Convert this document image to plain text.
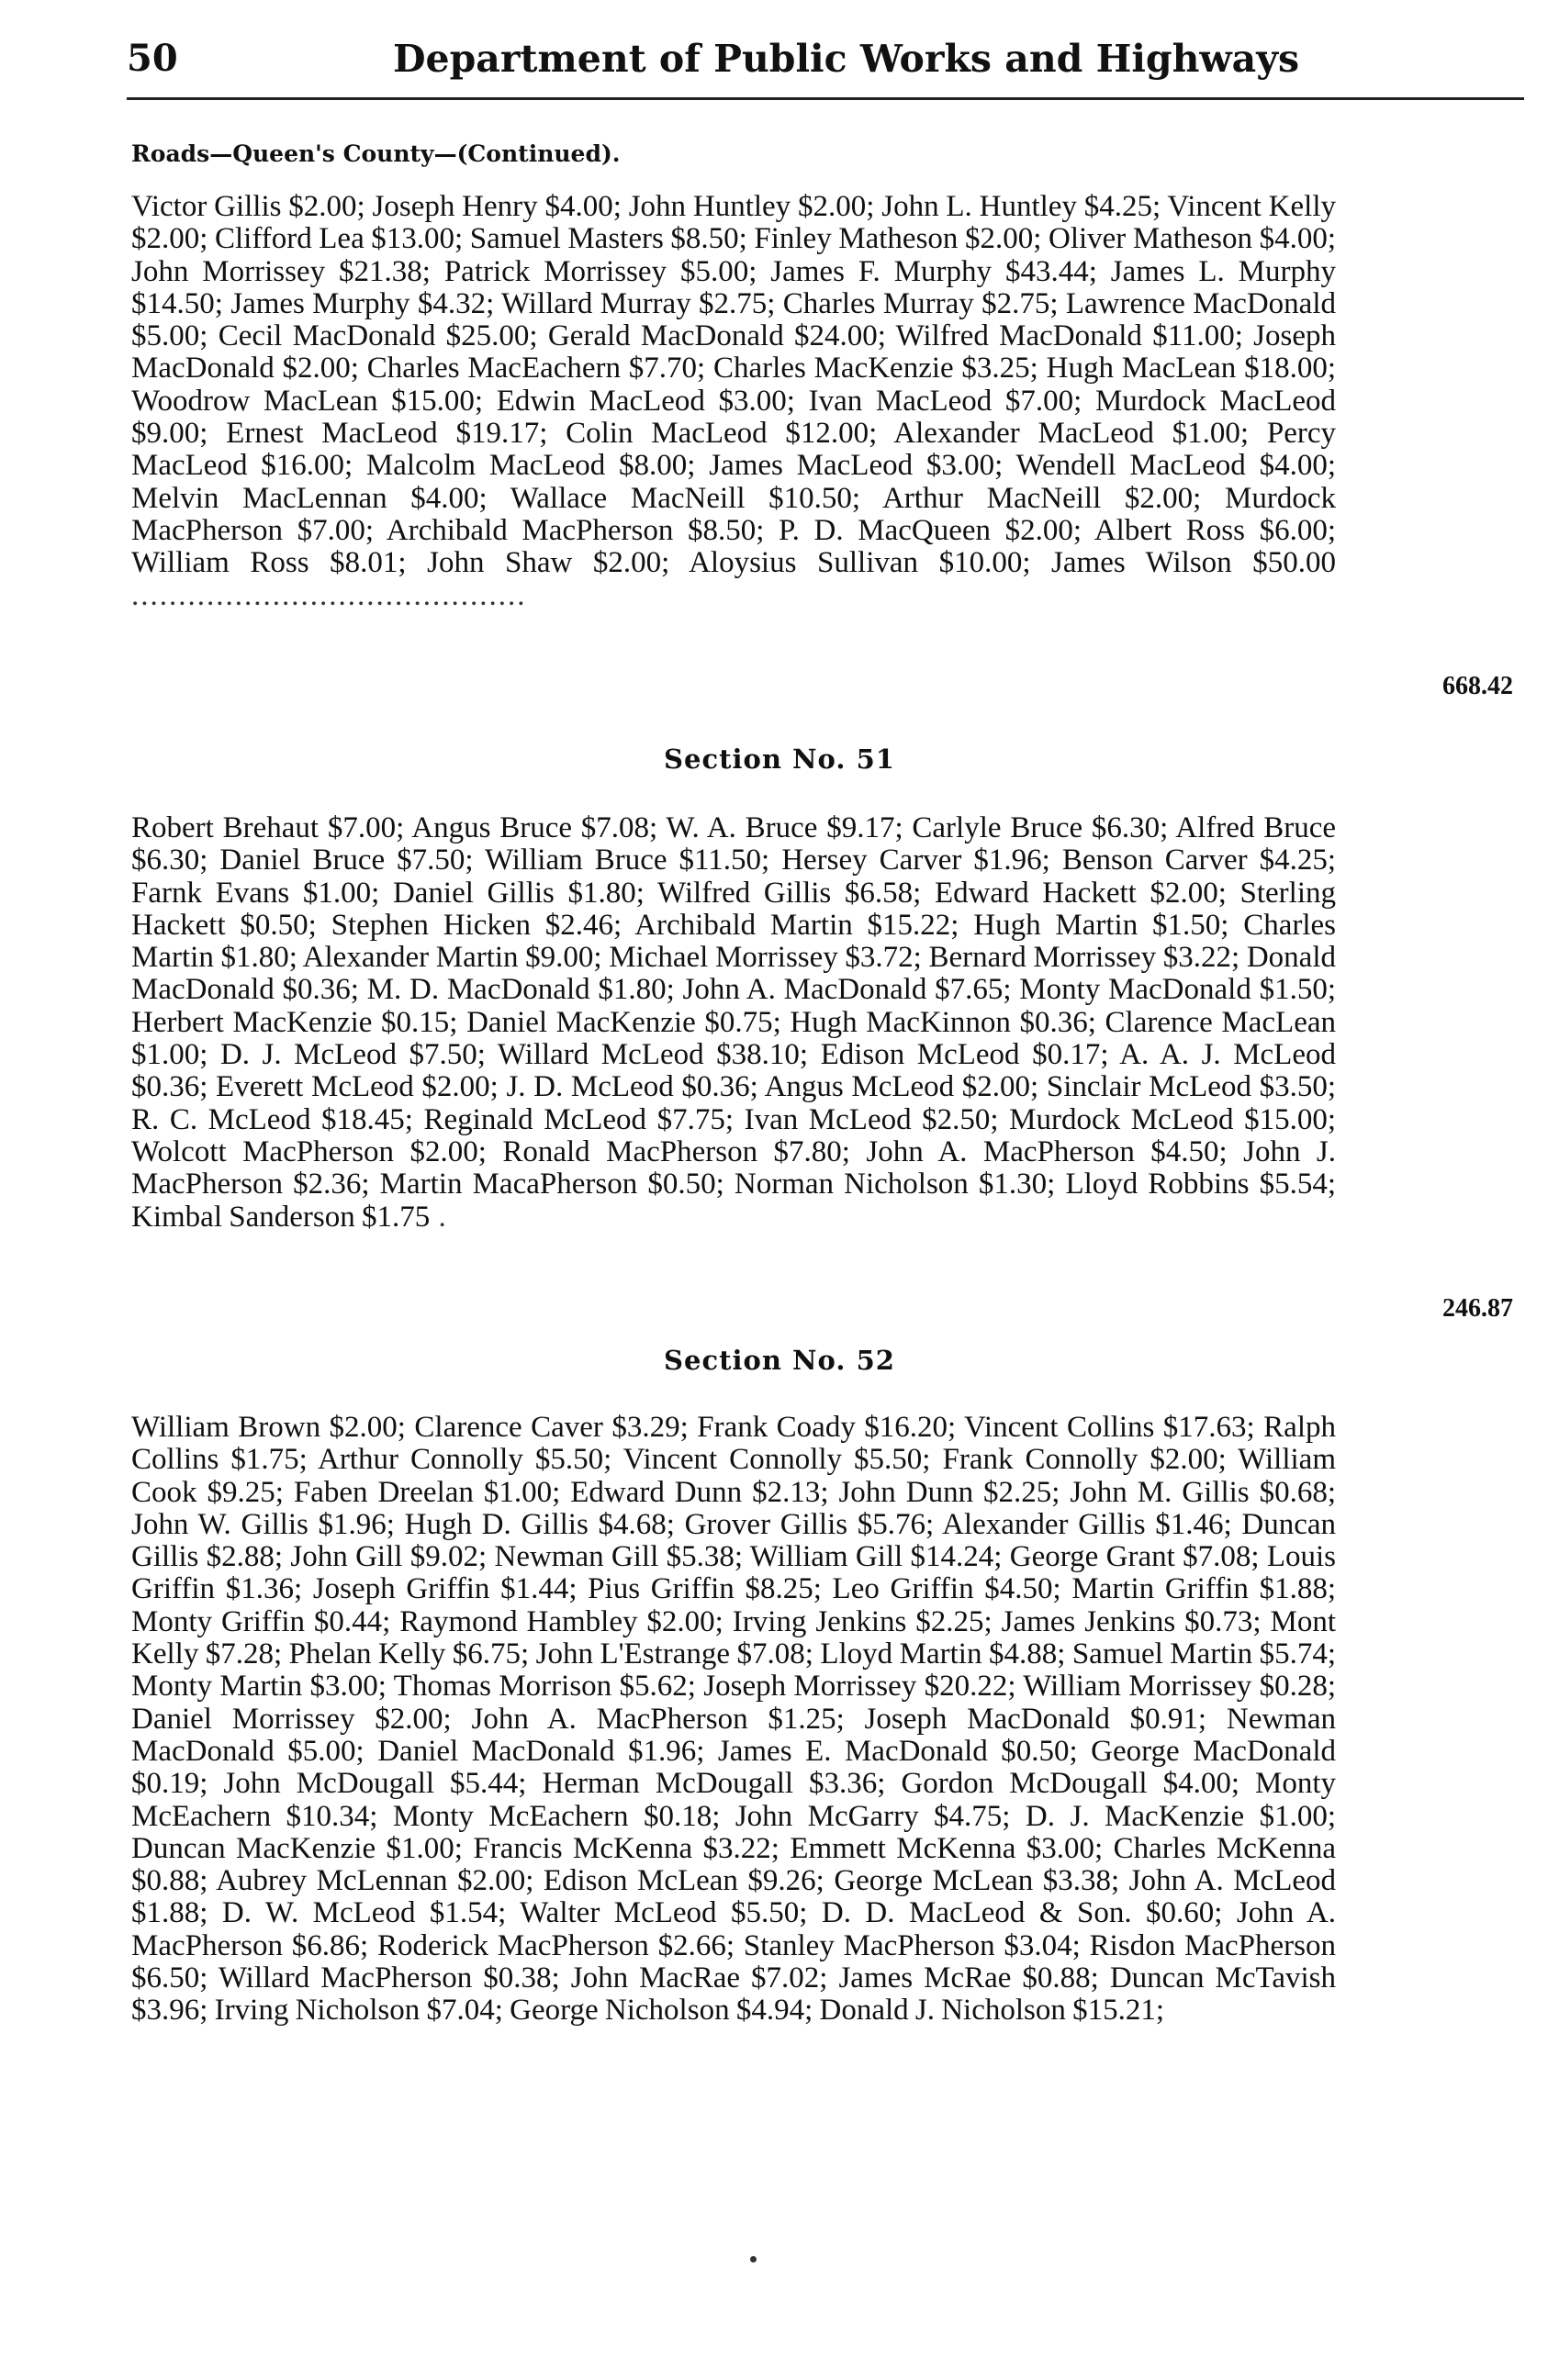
50	Department of Public Works and Highways
Roads—Queen's County—(Continued).
Victor Gillis $2.00; Joseph Henry $4.00; John Huntley $2.00; John L. Huntley $4.25; Vincent Kelly $2.00; Clifford Lea $13.00; Samuel Masters $8.50; Finley Matheson $2.00; Oliver Matheson $4.00; John Morrissey $21.38; Patrick Morrissey $5.00; James F. Murphy $43.44; James L. Murphy $14.50; James Murphy $4.32; Willard Murray $2.75; Charles Murray $2.75; Lawrence MacDonald $5.00; Cecil MacDonald $25.00; Gerald MacDonald $24.00; Wilfred MacDonald $11.00; Joseph MacDonald $2.00; Charles MacEachern $7.70; Charles MacKenzie $3.25; Hugh MacLean $18.00; Woodrow MacLean $15.00; Edwin MacLeod $3.00; Ivan MacLeod $7.00; Murdock MacLeod $9.00; Ernest MacLeod $19.17; Colin MacLeod $12.00; Alexander MacLeod $1.00; Percy MacLeod $16.00; Malcolm MacLeod $8.00; James MacLeod $3.00; Wendell MacLeod $4.00; Melvin MacLennan $4.00; Wallace MacNeill $10.50; Arthur MacNeill $2.00; Murdock MacPherson $7.00; Archibald MacPherson $8.50; P. D. MacQueen $2.00; Albert Ross $6.00; William Ross $8.01; John Shaw $2.00; Aloysius Sullivan $10.00; James Wilson $50.00 ..........................................
668.42
Section No. 51
Robert Brehaut $7.00; Angus Bruce $7.08; W. A. Bruce $9.17; Carlyle Bruce $6.30; Alfred Bruce $6.30; Daniel Bruce $7.50; William Bruce $11.50; Hersey Carver $1.96; Benson Carver $4.25; Farnk Evans $1.00; Daniel Gillis $1.80; Wilfred Gillis $6.58; Edward Hackett $2.00; Sterling Hackett $0.50; Stephen Hicken $2.46; Archibald Martin $15.22; Hugh Martin $1.50; Charles Martin $1.80; Alexander Martin $9.00; Michael Morrissey $3.72; Bernard Morrissey $3.22; Donald MacDonald $0.36; M. D. MacDonald $1.80; John A. MacDonald $7.65; Monty MacDonald $1.50; Herbert MacKenzie $0.15; Daniel MacKenzie $0.75; Hugh MacKinnon $0.36; Clarence MacLean $1.00; D. J. McLeod $7.50; Willard McLeod $38.10; Edison McLeod $0.17; A. A. J. McLeod $0.36; Everett McLeod $2.00; J. D. McLeod $0.36; Angus McLeod $2.00; Sinclair McLeod $3.50; R. C. McLeod $18.45; Reginald McLeod $7.75; Ivan McLeod $2.50; Murdock McLeod $15.00; Wolcott MacPherson $2.00; Ronald MacPherson $7.80; John A. MacPherson $4.50; John J. MacPherson $2.36; Martin MacaPherson $0.50; Norman Nicholson $1.30; Lloyd Robbins $5.54; Kimbal Sanderson $1.75 .
246.87
Section No. 52
William Brown $2.00; Clarence Caver $3.29; Frank Coady $16.20; Vincent Collins $17.63; Ralph Collins $1.75; Arthur Connolly $5.50; Vincent Connolly $5.50; Frank Connolly $2.00; William Cook $9.25; Faben Dreelan $1.00; Edward Dunn $2.13; John Dunn $2.25; John M. Gillis $0.68; John W. Gillis $1.96; Hugh D. Gillis $4.68; Grover Gillis $5.76; Alexander Gillis $1.46; Duncan Gillis $2.88; John Gill $9.02; Newman Gill $5.38; William Gill $14.24; George Grant $7.08; Louis Griffin $1.36; Joseph Griffin $1.44; Pius Griffin $8.25; Leo Griffin $4.50; Martin Griffin $1.88; Monty Griffin $0.44; Raymond Hambley $2.00; Irving Jenkins $2.25; James Jenkins $0.73; Mont Kelly $7.28; Phelan Kelly $6.75; John L'Estrange $7.08; Lloyd Martin $4.88; Samuel Martin $5.74; Monty Martin $3.00; Thomas Morrison $5.62; Joseph Morrissey $20.22; William Morrissey $0.28; Daniel Morrissey $2.00; John A. MacPherson $1.25; Joseph MacDonald $0.91; Newman MacDonald $5.00; Daniel MacDonald $1.96; James E. MacDonald $0.50; George MacDonald $0.19; John McDougall $5.44; Herman McDougall $3.36; Gordon McDougall $4.00; Monty McEachern $10.34; Monty McEachern $0.18; John McGarry $4.75; D. J. MacKenzie $1.00; Duncan MacKenzie $1.00; Francis McKenna $3.22; Emmett McKenna $3.00; Charles McKenna $0.88; Aubrey McLennan $2.00; Edison McLean $9.26; George McLean $3.38; John A. McLeod $1.88; D. W. McLeod $1.54; Walter McLeod $5.50; D. D. MacLeod & Son. $0.60; John A. MacPherson $6.86; Roderick MacPherson $2.66; Stanley MacPherson $3.04; Risdon MacPherson $6.50; Willard MacPherson $0.38; John MacRae $7.02; James McRae $0.88; Duncan McTavish $3.96; Irving Nicholson $7.04; George Nicholson $4.94; Donald J. Nicholson $15.21;
